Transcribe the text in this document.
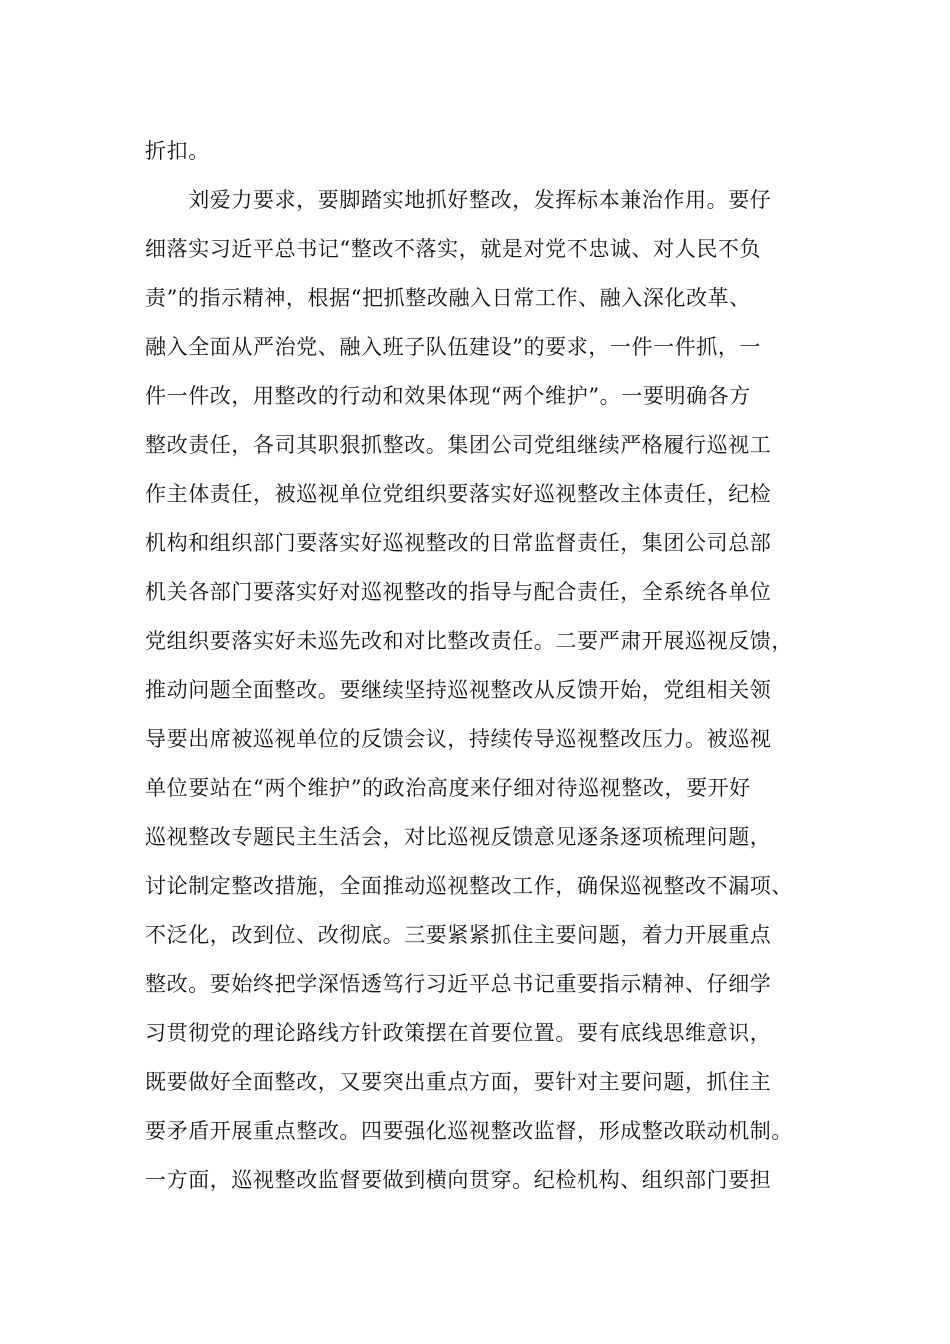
折扣。
　　刘爱力要求，要脚踏实地抓好整改，发挥标本兼治作用。要仔
细落实习近平总书记“整改不落实，就是对党不忠诚、对人民不负
责”的指示精神，根据“把抓整改融入日常工作、融入深化改革、
融入全面从严治党、融入班子队伍建设”的要求，一件一件抓，一
件一件改，用整改的行动和效果体现“两个维护”。一要明确各方
整改责任，各司其职狠抓整改。集团公司党组继续严格履行巡视工
作主体责任，被巡视单位党组织要落实好巡视整改主体责任，纪检
机构和组织部门要落实好巡视整改的日常监督责任，集团公司总部
机关各部门要落实好对巡视整改的指导与配合责任，全系统各单位
党组织要落实好未巡先改和对比整改责任。二要严肃开展巡视反馈，
推动问题全面整改。要继续坚持巡视整改从反馈开始，党组相关领
导要出席被巡视单位的反馈会议，持续传导巡视整改压力。被巡视
单位要站在“两个维护”的政治高度来仔细对待巡视整改，要开好
巡视整改专题民主生活会，对比巡视反馈意见逐条逐项梳理问题，
讨论制定整改措施，全面推动巡视整改工作，确保巡视整改不漏项、
不泛化，改到位、改彻底。三要紧紧抓住主要问题，着力开展重点
整改。要始终把学深悟透笃行习近平总书记重要指示精神、仔细学
习贯彻党的理论路线方针政策摆在首要位置。要有底线思维意识，
既要做好全面整改，又要突出重点方面，要针对主要问题，抓住主
要矛盾开展重点整改。四要强化巡视整改监督，形成整改联动机制。
一方面，巡视整改监督要做到横向贯穿。纪检机构、组织部门要担
